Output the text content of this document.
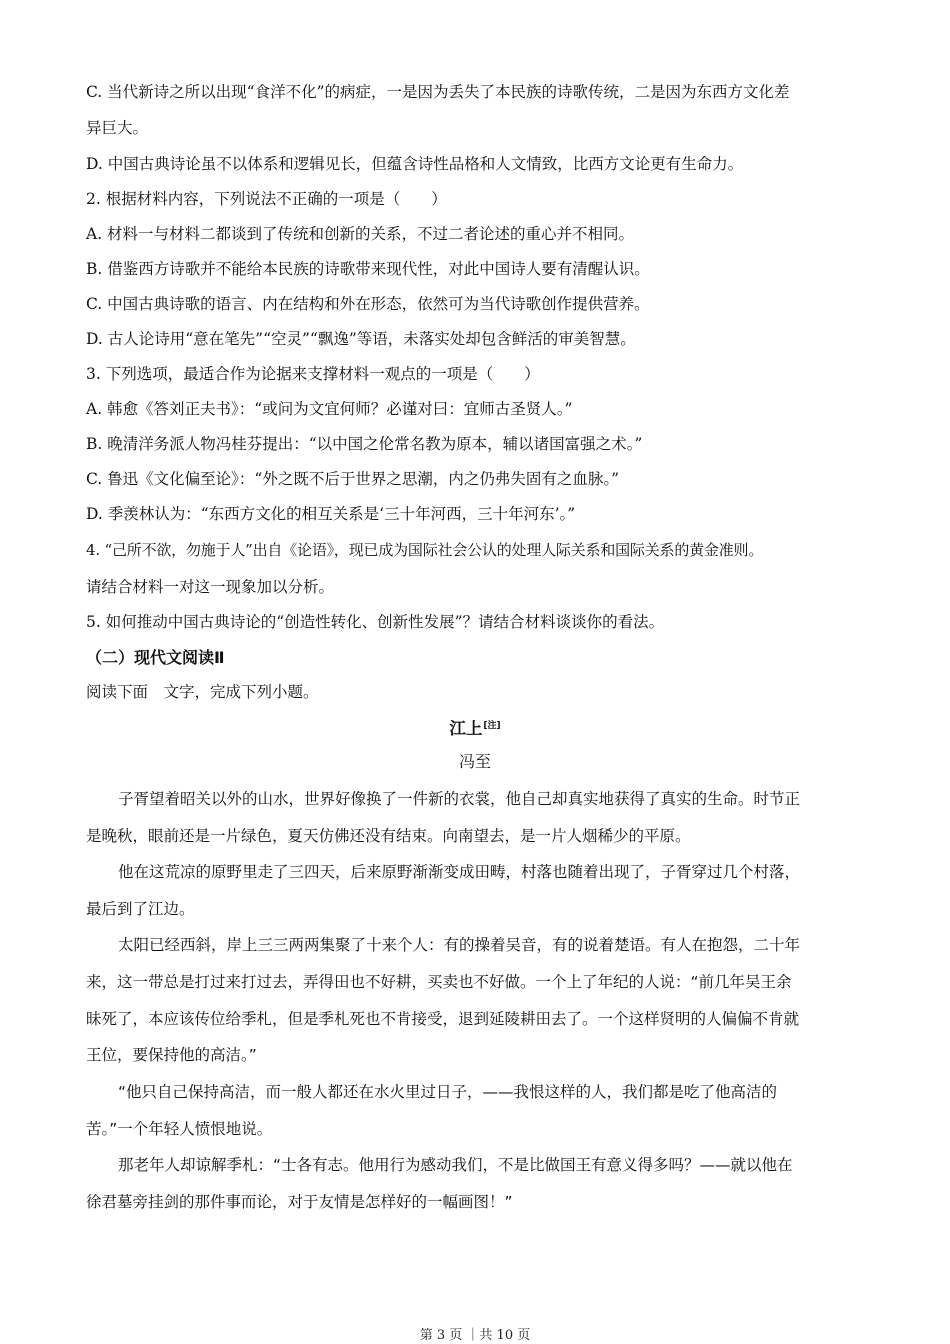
C. 当代新诗之所以出现“食洋不化”的病症，一是因为丢失了本民族的诗歌传统，二是因为东西方文化差
异巨大。
D. 中国古典诗论虽不以体系和逻辑见长，但蕴含诗性品格和人文情致，比西方文论更有生命力。
2. 根据材料内容，下列说法不正确的一项是（　　）
A. 材料一与材料二都谈到了传统和创新的关系，不过二者论述的重心并不相同。
B. 借鉴西方诗歌并不能给本民族的诗歌带来现代性，对此中国诗人要有清醒认识。
C. 中国古典诗歌的语言、内在结构和外在形态，依然可为当代诗歌创作提供营养。
D. 古人论诗用“意在笔先”“空灵”“飘逸”等语，未落实处却包含鲜活的审美智慧。
3. 下列选项，最适合作为论据来支撑材料一观点的一项是（　　）
A. 韩愈《答刘正夫书》：“或问为文宜何师？必谨对曰：宜师古圣贤人。”
B. 晚清洋务派人物冯桂芬提出：“以中国之伦常名教为原本，辅以诸国富强之术。”
C. 鲁迅《文化偏至论》：“外之既不后于世界之思潮，内之仍弗失固有之血脉。”
D. 季羡林认为：“东西方文化的相互关系是‘三十年河西，三十年河东’。”
4. “己所不欲，勿施于人”出自《论语》，现已成为国际社会公认的处理人际关系和国际关系的黄金准则。
请结合材料一对这一现象加以分析。
5. 如何推动中国古典诗论的“创造性转化、创新性发展”？请结合材料谈谈你的看法。
（二）现代文阅读Ⅱ
阅读下面　文字，完成下列小题。
江上[注]
冯至
子胥望着昭关以外的山水，世界好像换了一件新的衣裳，他自己却真实地获得了真实的生命。时节正
是晚秋，眼前还是一片绿色，夏天仿佛还没有结束。向南望去，是一片人烟稀少的平原。
他在这荒凉的原野里走了三四天，后来原野渐渐变成田畴，村落也随着出现了，子胥穿过几个村落，
最后到了江边。
太阳已经西斜，岸上三三两两集聚了十来个人：有的操着吴音，有的说着楚语。有人在抱怨，二十年
来，这一带总是打过来打过去，弄得田也不好耕，买卖也不好做。一个上了年纪的人说：“前几年吴王余
昧死了，本应该传位给季札，但是季札死也不肯接受，退到延陵耕田去了。一个这样贤明的人偏偏不肯就
王位，要保持他的高洁。”
“他只自己保持高洁，而一般人都还在水火里过日子，——我恨这样的人，我们都是吃了他高洁的
苦。”一个年轻人愤恨地说。
那老年人却谅解季札：“士各有志。他用行为感动我们，不是比做国王有意义得多吗？——就以他在
徐君墓旁挂剑的那件事而论，对于友情是怎样好的一幅画图！”
第 3 页 ｜共 10 页
